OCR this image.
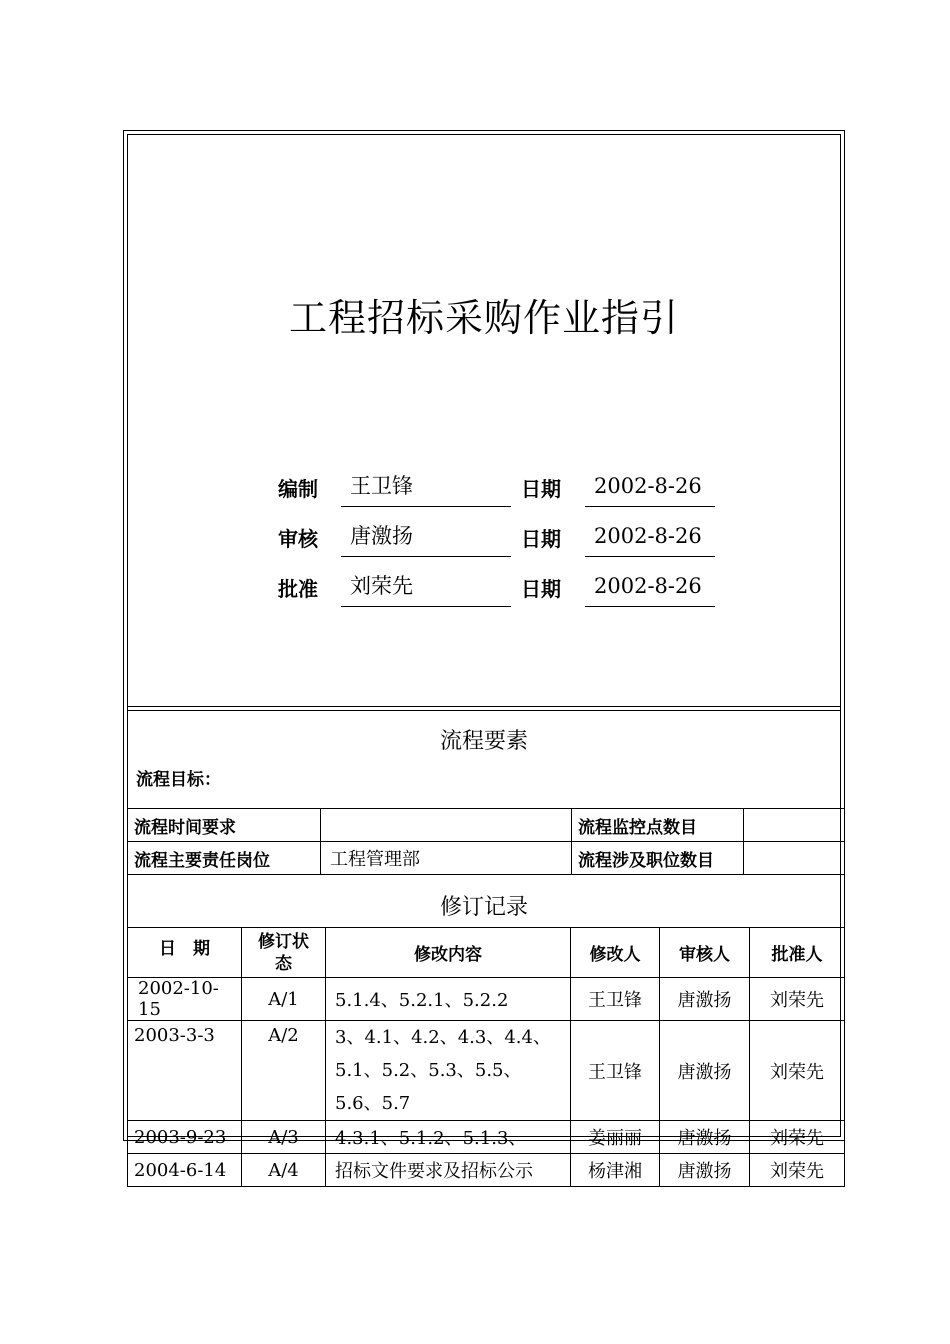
工程招标采购作业指引
编制	王卫锋	日期	2002-8-26
审核	唐激扬	日期	2002-8-26
批准	刘荣先	日期	2002-8-26
流程要素
流程目标：
流程时间要求		流程监控点数目	
流程主要责任岗位	工程管理部	流程涉及职位数目	
修订记录
日　期	修订状态	修改内容	修改人	审核人	批准人
2002-10-15	A/1	5.1.4、5.2.1、5.2.2	王卫锋	唐激扬	刘荣先
2003-3-3	A/2	3、4.1、4.2、4.3、4.4、5.1、5.2、5.3、5.5、5.6、5.7	王卫锋	唐激扬	刘荣先
2003-9-23	A/3	4.3.1、5.1.2、5.1.3、	姜丽丽	唐激扬	刘荣先
2004-6-14	A/4	招标文件要求及招标公示	杨津湘	唐激扬	刘荣先
